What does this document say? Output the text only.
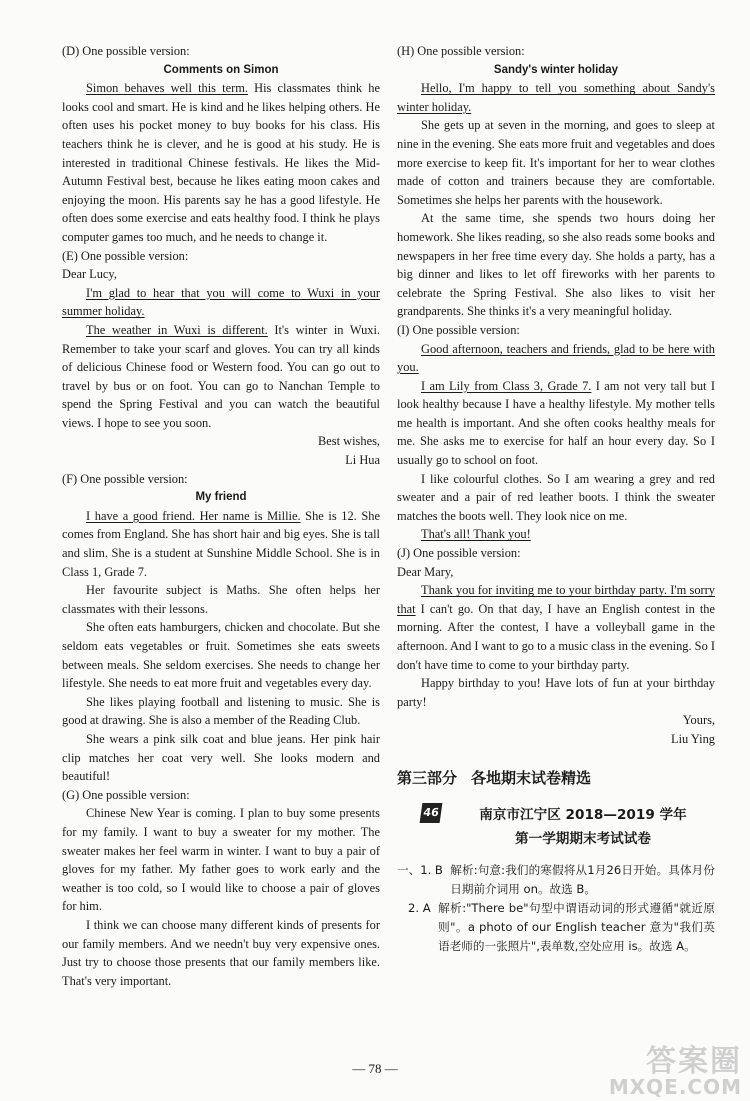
(D) One possible version:
Comments on Simon
Simon behaves well this term. His classmates think he looks cool and smart. He is kind and he likes helping others. He often uses his pocket money to buy books for his class. His teachers think he is clever, and he is good at his study. He is interested in traditional Chinese festivals. He likes the Mid-Autumn Festival best, because he likes eating moon cakes and enjoying the moon. His parents say he has a good lifestyle. He often does some exercise and eats healthy food. I think he plays computer games too much, and he needs to change it.
(E) One possible version:
Dear Lucy,
I'm glad to hear that you will come to Wuxi in your summer holiday.
The weather in Wuxi is different. It's winter in Wuxi. Remember to take your scarf and gloves. You can try all kinds of delicious Chinese food or Western food. You can go out to travel by bus or on foot. You can go to Nanchan Temple to spend the Spring Festival and you can watch the beautiful views. I hope to see you soon.
Best wishes,
Li Hua
(F) One possible version:
My friend
I have a good friend. Her name is Millie. She is 12. She comes from England. She has short hair and big eyes. She is tall and slim. She is a student at Sunshine Middle School. She is in Class 1, Grade 7.
Her favourite subject is Maths. She often helps her classmates with their lessons.
She often eats hamburgers, chicken and chocolate. But she seldom eats vegetables or fruit. Sometimes she eats sweets between meals. She seldom exercises. She needs to change her lifestyle. She needs to eat more fruit and vegetables every day.
She likes playing football and listening to music. She is good at drawing. She is also a member of the Reading Club.
She wears a pink silk coat and blue jeans. Her pink hair clip matches her coat very well. She looks modern and beautiful!
(G) One possible version:
Chinese New Year is coming. I plan to buy some presents for my family. I want to buy a sweater for my mother. The sweater makes her feel warm in winter. I want to buy a pair of gloves for my father. My father goes to work early and the weather is too cold, so I would like to choose a pair of gloves for him.
I think we can choose many different kinds of presents for our family members. And we needn't buy very expensive ones. Just try to choose those presents that our family members like. That's very important.
(H) One possible version:
Sandy's winter holiday
Hello, I'm happy to tell you something about Sandy's winter holiday.
She gets up at seven in the morning, and goes to sleep at nine in the evening. She eats more fruit and vegetables and does more exercise to keep fit. It's important for her to wear clothes made of cotton and trainers because they are comfortable. Sometimes she helps her parents with the housework.
At the same time, she spends two hours doing her homework. She likes reading, so she also reads some books and newspapers in her free time every day. She holds a party, has a big dinner and likes to let off fireworks with her parents to celebrate the Spring Festival. She also likes to visit her grandparents. She thinks it's a very meaningful holiday.
(I) One possible version:
Good afternoon, teachers and friends, glad to be here with you.
I am Lily from Class 3, Grade 7. I am not very tall but I look healthy because I have a healthy lifestyle. My mother tells me health is important. And she often cooks healthy meals for me. She asks me to exercise for half an hour every day. So I usually go to school on foot.
I like colourful clothes. So I am wearing a grey and red sweater and a pair of red leather boots. I think the sweater matches the boots well. They look nice on me.
That's all! Thank you!
(J) One possible version:
Dear Mary,
Thank you for inviting me to your birthday party. I'm sorry that I can't go. On that day, I have an English contest in the morning. After the contest, I have a volleyball game in the afternoon. And I want to go to a music class in the evening. So I don't have time to come to your birthday party.
Happy birthday to you! Have lots of fun at your birthday party!
Yours,
Liu Ying
第三部分 各地期末试卷精选
46	南京市江宁区 2018—2019 学年
第一学期期末考试试卷
一、1. B 解析:句意:我们的寒假将从1月26日开始。具体月份日期前介词用 on。故选 B。
2. A 解析:"There be"句型中谓语动词的形式遵循"就近原则"。a photo of our English teacher 意为"我们英语老师的一张照片",表单数,空处应用 is。故选 A。
— 78 —	答案圈
MXQE.COM
